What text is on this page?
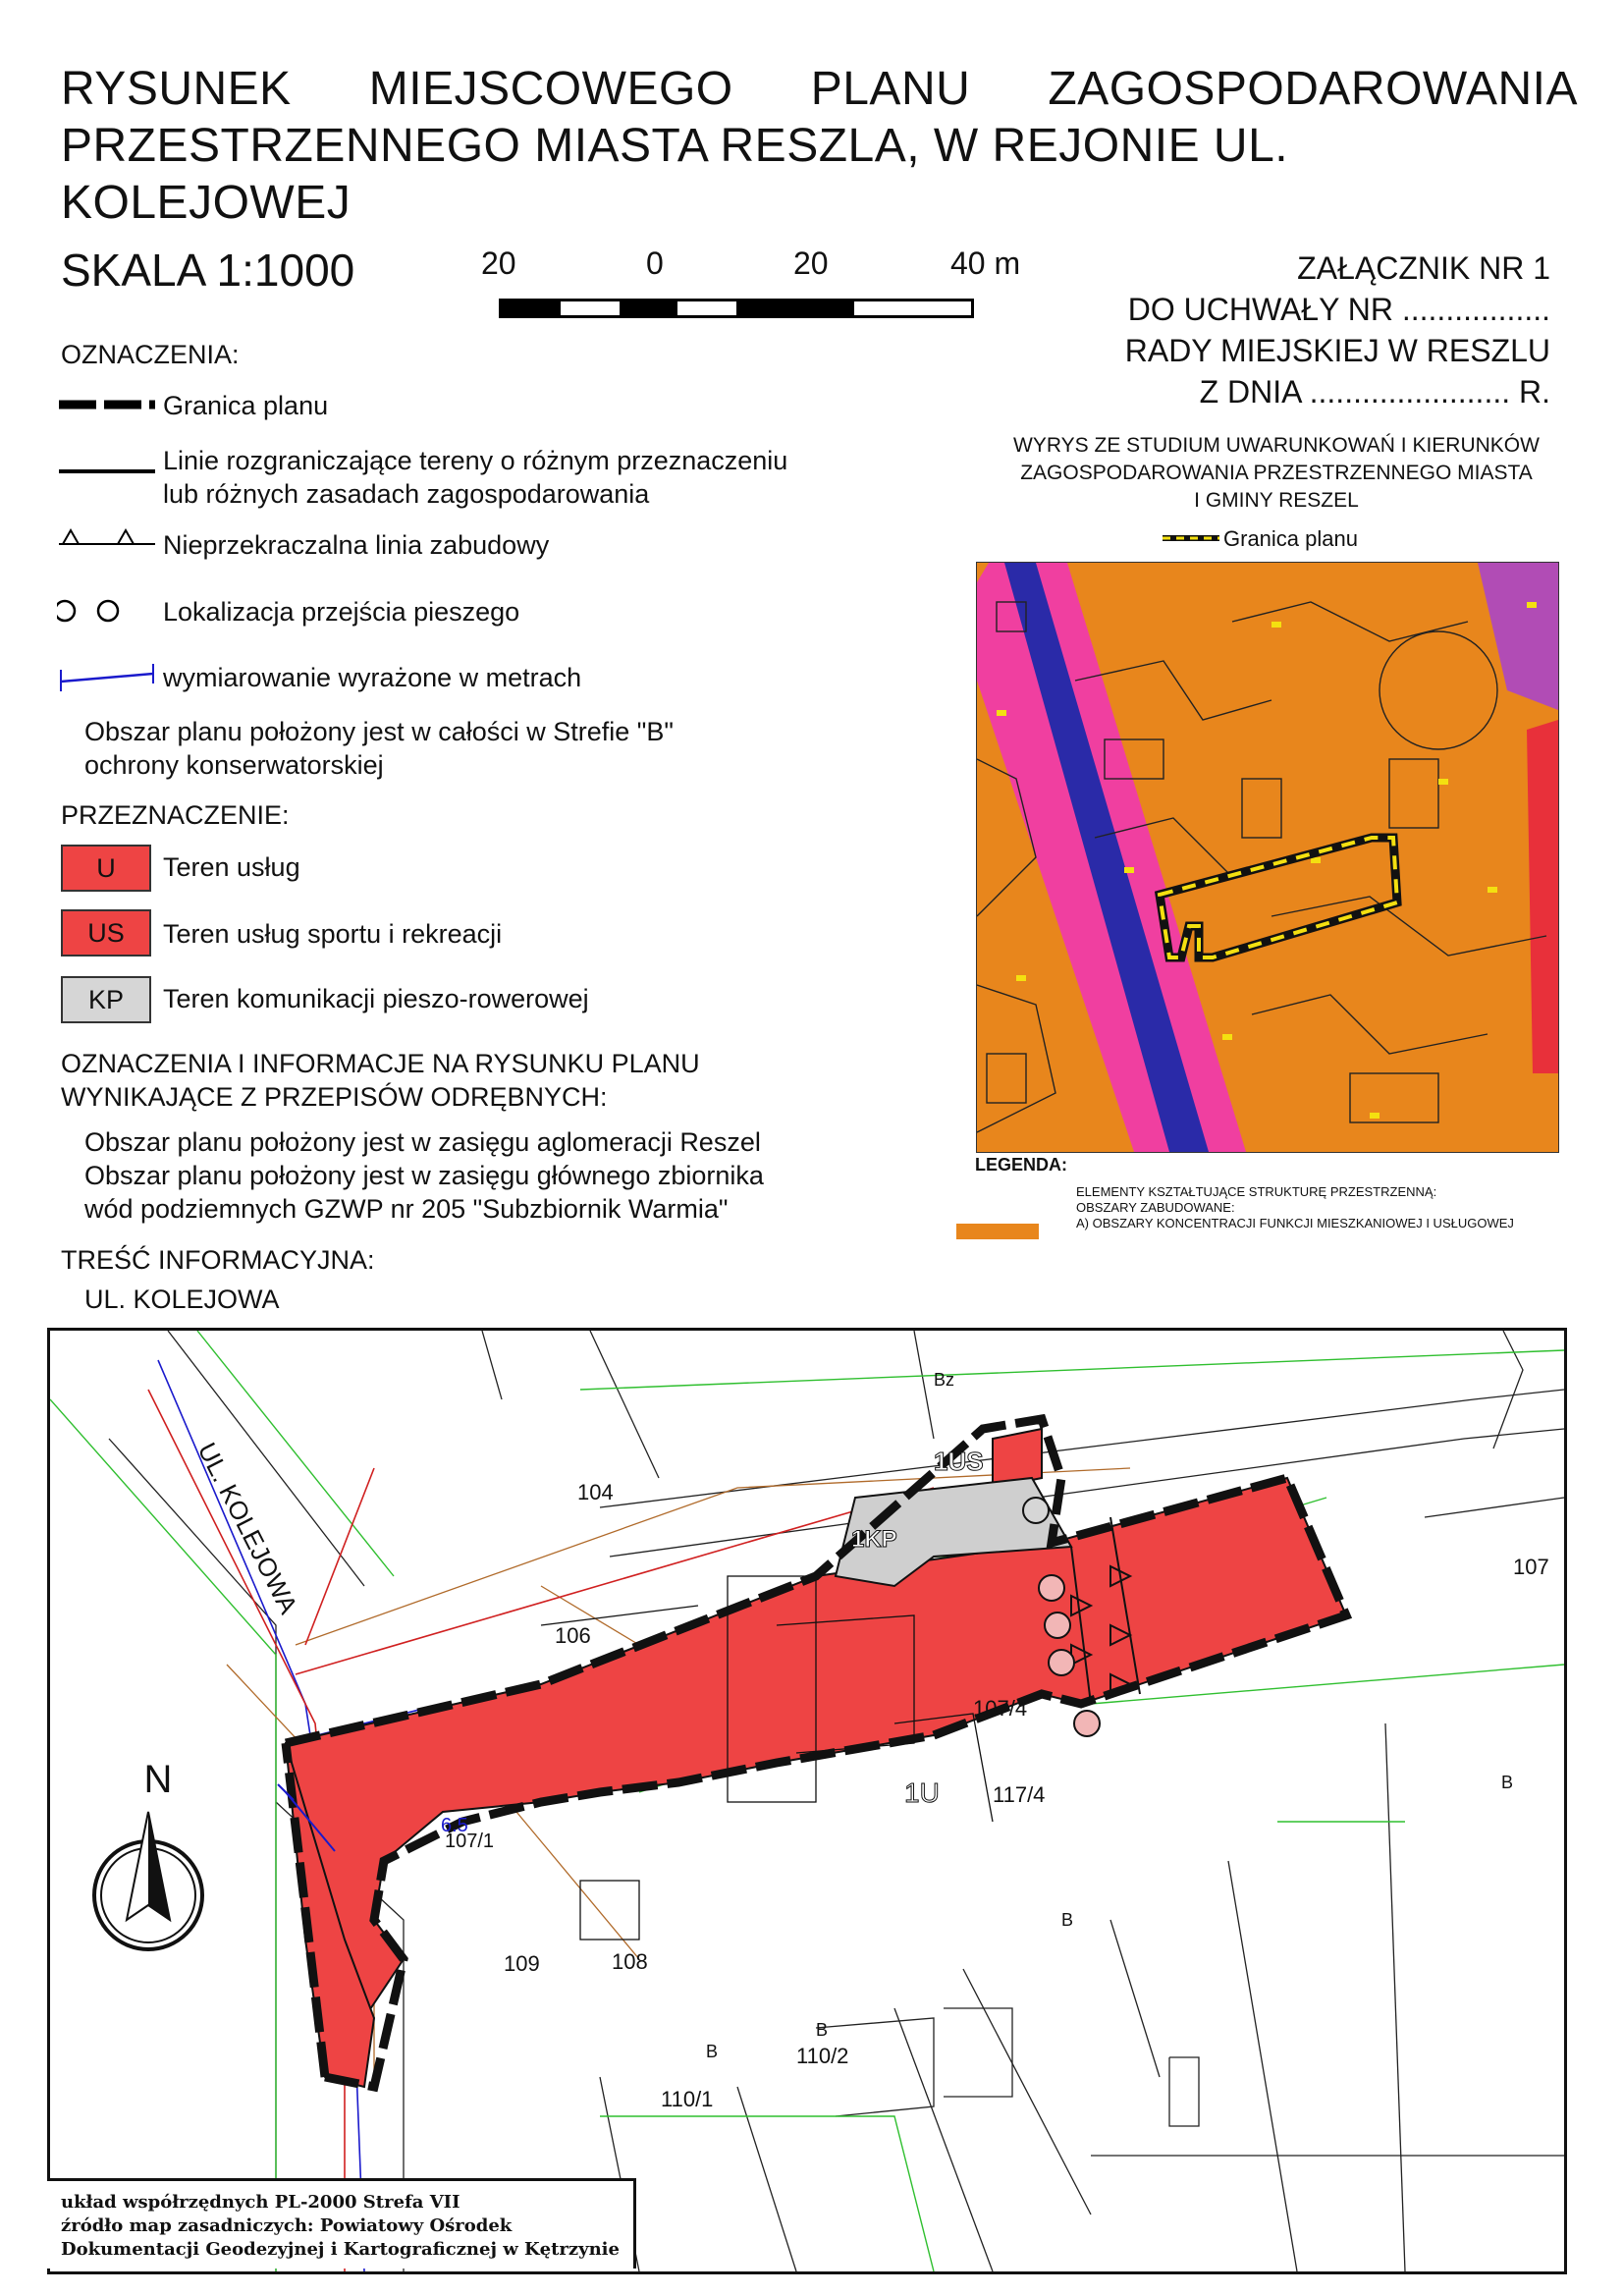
RYSUNEK MIEJSCOWEGO PLANU ZAGOSPODAROWANIA
PRZESTRZENNEGO MIASTA RESZLA, W REJONIE UL. KOLEJOWEJ
SKALA 1:1000	20	0	20	40 m	ZAŁĄCZNIK NR 1
DO UCHWAŁY NR .................
RADY MIEJSKIEJ W RESZLU
Z DNIA ....................... R.
OZNACZENIA:
Granica planu
Linie rozgraniczające tereny o różnym przeznaczeniu
lub różnych zasadach zagospodarowania
Nieprzekraczalna linia zabudowy
Lokalizacja przejścia pieszego
wymiarowanie wyrażone w metrach
Obszar planu położony jest w całości w Strefie "B"
ochrony konserwatorskiej
PRZEZNACZENIE:
U	Teren usług
US	Teren usług sportu i rekreacji
KP	Teren komunikacji pieszo-rowerowej
OZNACZENIA I INFORMACJE NA RYSUNKU PLANU
WYNIKAJĄCE Z PRZEPISÓW ODRĘBNYCH:
Obszar planu położony jest w zasięgu aglomeracji Reszel
Obszar planu położony jest w zasięgu głównego zbiornika
wód podziemnych GZWP nr 205 "Subzbiornik Warmia"
TREŚĆ INFORMACYJNA:
UL. KOLEJOWA
WYRYS ZE STUDIUM UWARUNKOWAŃ I KIERUNKÓW
ZAGOSPODAROWANIA PRZESTRZENNEGO MIASTA
I GMINY RESZEL
Granica planu
LEGENDA:
ELEMENTY KSZTAŁTUJĄCE STRUKTURĘ PRZESTRZENNĄ:
OBSZARY ZABUDOWANE:
A) OBSZARY KONCENTRACJI FUNKCJI MIESZKANIOWEJ I USŁUGOWEJ
N
UL. KOLEJOWA
1U
1US
1KP
104
106
107/1
107/4
117/4
109	108
110/2
110/1
107
Bz
B
B
B
B
6.5
układ współrzędnych PL-2000 Strefa VII
źródło map zasadniczych: Powiatowy Ośrodek
Dokumentacji Geodezyjnej i Kartograficznej w Kętrzynie
